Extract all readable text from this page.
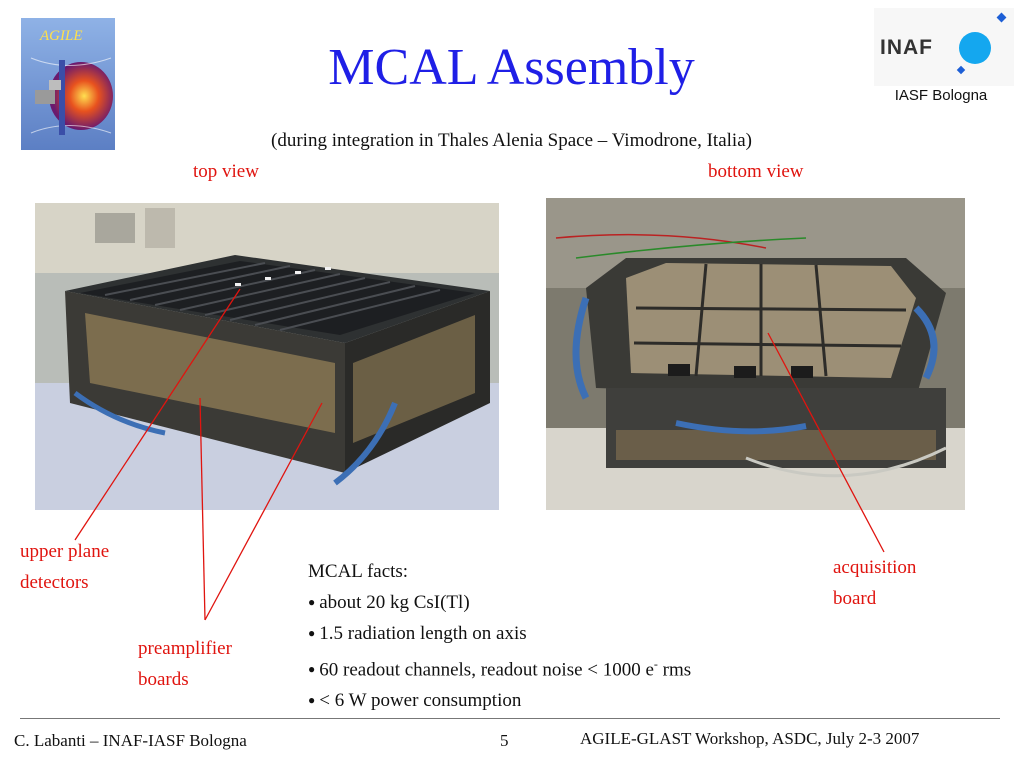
AGILE	INAF
IASF Bologna
MCAL Assembly
(during integration in Thales Alenia Space – Vimodrone, Italia)
top view	bottom view
upper plane
detectors
preamplifier
boards
acquisition
board
MCAL facts:
● about 20 kg CsI(Tl)
● 1.5 radiation length on axis
● 60 readout channels, readout noise < 1000 e- rms
● < 6 W power consumption
C. Labanti – INAF-IASF Bologna	5	AGILE-GLAST Workshop, ASDC, July 2-3 2007
